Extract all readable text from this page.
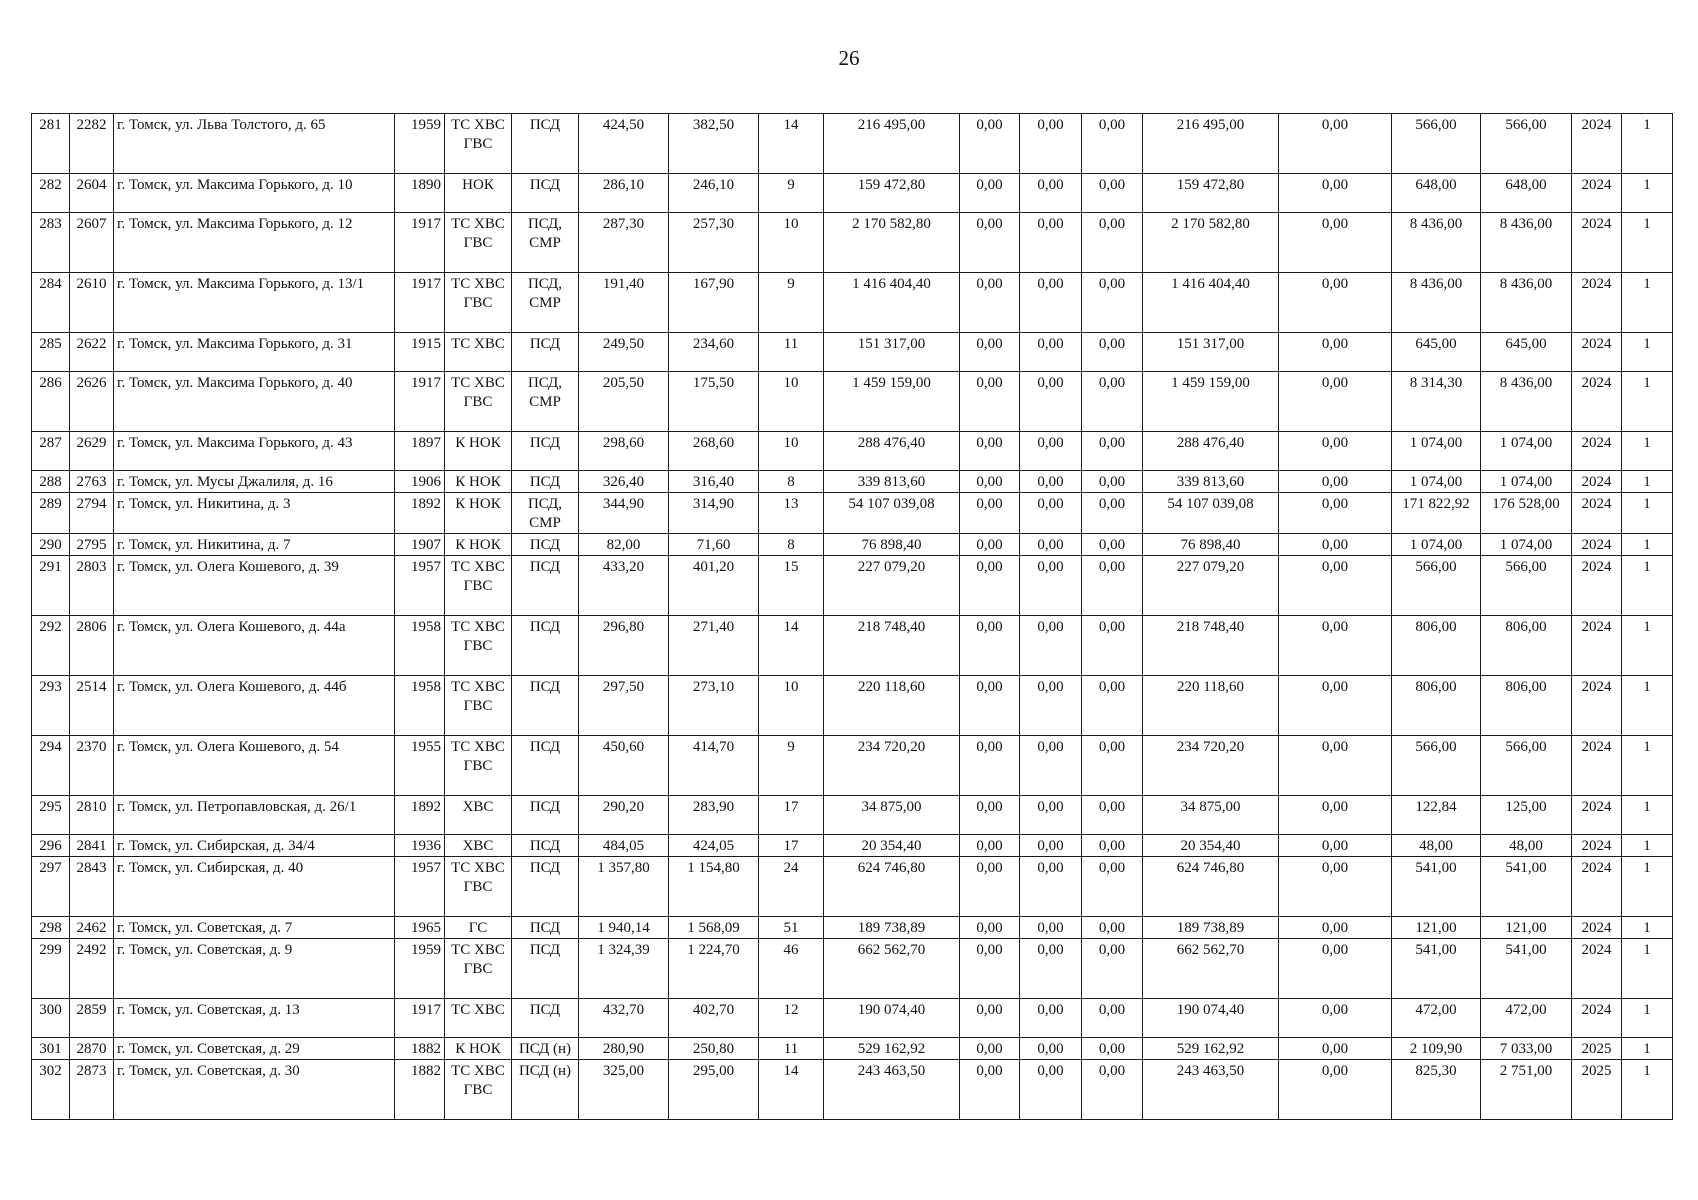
26
281	2282	г. Томск, ул. Льва Толстого, д. 65	1959	ТС ХВС ГВС	ПСД	424,50	382,50	14	216 495,00	0,00	0,00	0,00	216 495,00	0,00	566,00	566,00	2024	1
282	2604	г. Томск, ул. Максима Горького, д. 10	1890	НОК	ПСД	286,10	246,10	9	159 472,80	0,00	0,00	0,00	159 472,80	0,00	648,00	648,00	2024	1
283	2607	г. Томск, ул. Максима Горького, д. 12	1917	ТС ХВС ГВС	ПСД, СМР	287,30	257,30	10	2 170 582,80	0,00	0,00	0,00	2 170 582,80	0,00	8 436,00	8 436,00	2024	1
284	2610	г. Томск, ул. Максима Горького, д. 13/1	1917	ТС ХВС ГВС	ПСД, СМР	191,40	167,90	9	1 416 404,40	0,00	0,00	0,00	1 416 404,40	0,00	8 436,00	8 436,00	2024	1
285	2622	г. Томск, ул. Максима Горького, д. 31	1915	ТС ХВС	ПСД	249,50	234,60	11	151 317,00	0,00	0,00	0,00	151 317,00	0,00	645,00	645,00	2024	1
286	2626	г. Томск, ул. Максима Горького, д. 40	1917	ТС ХВС ГВС	ПСД, СМР	205,50	175,50	10	1 459 159,00	0,00	0,00	0,00	1 459 159,00	0,00	8 314,30	8 436,00	2024	1
287	2629	г. Томск, ул. Максима Горького, д. 43	1897	К НОК	ПСД	298,60	268,60	10	288 476,40	0,00	0,00	0,00	288 476,40	0,00	1 074,00	1 074,00	2024	1
288	2763	г. Томск, ул. Мусы Джалиля, д. 16	1906	К НОК	ПСД	326,40	316,40	8	339 813,60	0,00	0,00	0,00	339 813,60	0,00	1 074,00	1 074,00	2024	1
289	2794	г. Томск, ул. Никитина, д. 3	1892	К НОК	ПСД, СМР	344,90	314,90	13	54 107 039,08	0,00	0,00	0,00	54 107 039,08	0,00	171 822,92	176 528,00	2024	1
290	2795	г. Томск, ул. Никитина, д. 7	1907	К НОК	ПСД	82,00	71,60	8	76 898,40	0,00	0,00	0,00	76 898,40	0,00	1 074,00	1 074,00	2024	1
291	2803	г. Томск, ул. Олега Кошевого, д. 39	1957	ТС ХВС ГВС	ПСД	433,20	401,20	15	227 079,20	0,00	0,00	0,00	227 079,20	0,00	566,00	566,00	2024	1
292	2806	г. Томск, ул. Олега Кошевого, д. 44а	1958	ТС ХВС ГВС	ПСД	296,80	271,40	14	218 748,40	0,00	0,00	0,00	218 748,40	0,00	806,00	806,00	2024	1
293	2514	г. Томск, ул. Олега Кошевого, д. 44б	1958	ТС ХВС ГВС	ПСД	297,50	273,10	10	220 118,60	0,00	0,00	0,00	220 118,60	0,00	806,00	806,00	2024	1
294	2370	г. Томск, ул. Олега Кошевого, д. 54	1955	ТС ХВС ГВС	ПСД	450,60	414,70	9	234 720,20	0,00	0,00	0,00	234 720,20	0,00	566,00	566,00	2024	1
295	2810	г. Томск, ул. Петропавловская, д. 26/1	1892	ХВС	ПСД	290,20	283,90	17	34 875,00	0,00	0,00	0,00	34 875,00	0,00	122,84	125,00	2024	1
296	2841	г. Томск, ул. Сибирская, д. 34/4	1936	ХВС	ПСД	484,05	424,05	17	20 354,40	0,00	0,00	0,00	20 354,40	0,00	48,00	48,00	2024	1
297	2843	г. Томск, ул. Сибирская, д. 40	1957	ТС ХВС ГВС	ПСД	1 357,80	1 154,80	24	624 746,80	0,00	0,00	0,00	624 746,80	0,00	541,00	541,00	2024	1
298	2462	г. Томск, ул. Советская, д. 7	1965	ГС	ПСД	1 940,14	1 568,09	51	189 738,89	0,00	0,00	0,00	189 738,89	0,00	121,00	121,00	2024	1
299	2492	г. Томск, ул. Советская, д. 9	1959	ТС ХВС ГВС	ПСД	1 324,39	1 224,70	46	662 562,70	0,00	0,00	0,00	662 562,70	0,00	541,00	541,00	2024	1
300	2859	г. Томск, ул. Советская, д. 13	1917	ТС ХВС	ПСД	432,70	402,70	12	190 074,40	0,00	0,00	0,00	190 074,40	0,00	472,00	472,00	2024	1
301	2870	г. Томск, ул. Советская, д. 29	1882	К НОК	ПСД (н)	280,90	250,80	11	529 162,92	0,00	0,00	0,00	529 162,92	0,00	2 109,90	7 033,00	2025	1
302	2873	г. Томск, ул. Советская, д. 30	1882	ТС ХВС ГВС	ПСД (н)	325,00	295,00	14	243 463,50	0,00	0,00	0,00	243 463,50	0,00	825,30	2 751,00	2025	1
